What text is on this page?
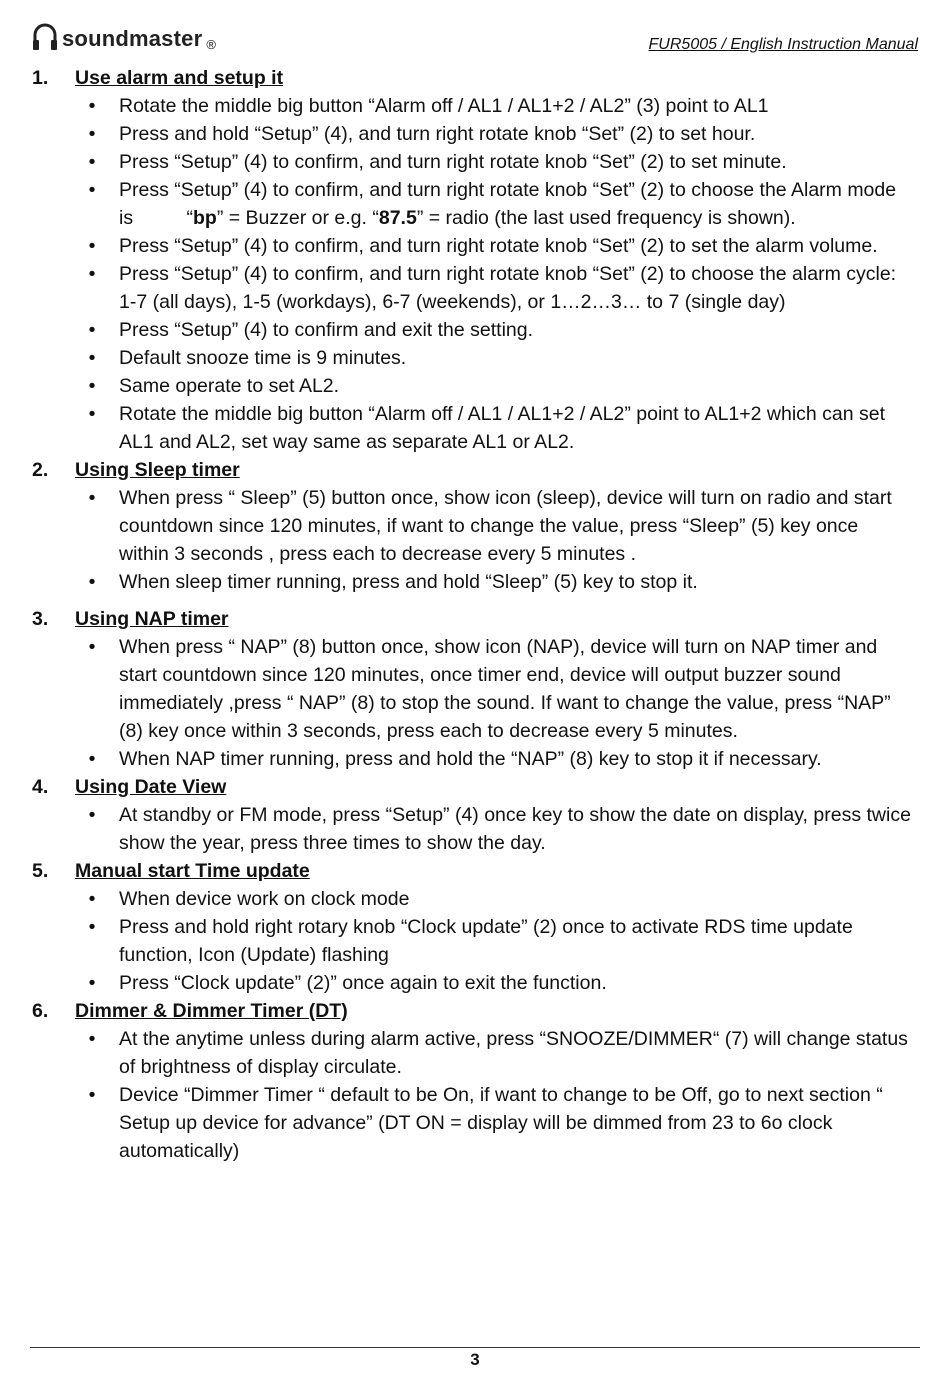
soundmaster ®	FUR5005 / English Instruction Manual
1.	Use alarm and setup it
•	Rotate the middle big button “Alarm off / AL1 / AL1+2 / AL2” (3) point to AL1
•	Press and hold “Setup” (4), and turn right rotate knob “Set” (2) to set hour.
•	Press “Setup” (4) to confirm, and turn right rotate knob “Set” (2) to set minute.
•	Press “Setup” (4) to confirm, and turn right rotate knob “Set” (2) to choose the Alarm mode is “bp” = Buzzer or e.g. “87.5” = radio (the last used frequency is shown).
•	Press “Setup” (4) to confirm, and turn right rotate knob “Set” (2) to set the alarm volume.
•	Press “Setup” (4) to confirm, and turn right rotate knob “Set” (2) to choose the alarm cycle:
1-7 (all days), 1-5 (workdays), 6-7 (weekends), or 1…2…3… to 7 (single day)
•	Press “Setup” (4) to confirm and exit the setting.
•	Default snooze time is 9 minutes.
•	Same operate to set AL2.
•	Rotate the middle big button “Alarm off / AL1 / AL1+2 / AL2” point to AL1+2 which can set AL1 and AL2, set way same as separate AL1 or AL2.
2.	Using Sleep timer
•	When press “ Sleep” (5) button once, show icon (sleep), device will turn on radio and start countdown since 120 minutes, if want to change the value, press “Sleep” (5) key once within 3 seconds , press each to decrease every 5 minutes .
•	When sleep timer running, press and hold “Sleep” (5) key to stop it.
3.	Using NAP timer
•	When press “ NAP” (8) button once, show icon (NAP), device will turn on NAP timer and start countdown since 120 minutes, once timer end, device will output buzzer sound immediately ,press “ NAP” (8) to stop the sound. If want to change the value, press “NAP” (8) key once within 3 seconds, press each to decrease every 5 minutes.
•	When NAP timer running, press and hold the “NAP” (8) key to stop it if necessary.
4.	Using Date View
•	At standby or FM mode, press “Setup” (4) once key to show the date on display, press twice show the year, press three times to show the day.
5.	Manual start Time update
•	When device work on clock mode
•	Press and hold right rotary knob “Clock update” (2) once to activate RDS time update function, Icon (Update) flashing
•	Press “Clock update” (2)” once again to exit the function.
6.	Dimmer & Dimmer Timer (DT)
•	At the anytime unless during alarm active, press “SNOOZE/DIMMER“ (7) will change status of brightness of display circulate.
•	Device “Dimmer Timer “ default to be On, if want to change to be Off, go to next section “ Setup up device for advance” (DT ON = display will be dimmed from 23 to 6o clock automatically)
3
